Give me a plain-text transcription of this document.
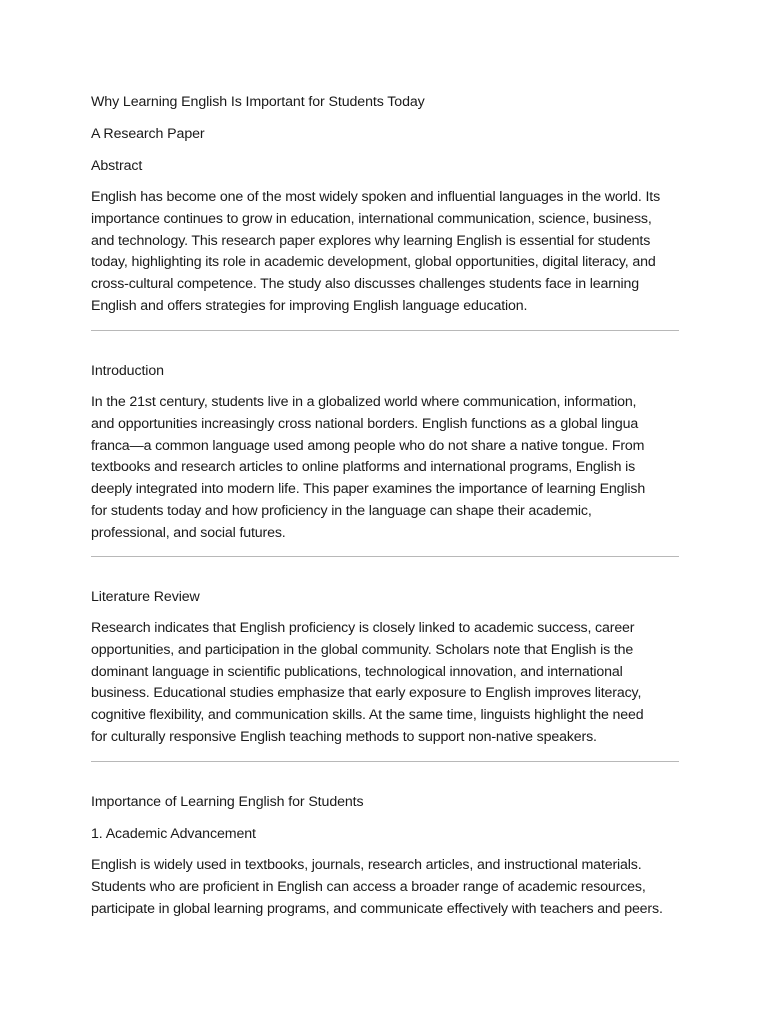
Why Learning English Is Important for Students Today

A Research Paper

Abstract

English has become one of the most widely spoken and influential languages in the world. Its

importance continues to grow in education, international communication, science, business,

and technology. This research paper explores why learning English is essential for students

today, highlighting its role in academic development, global opportunities, digital literacy, and

cross-cultural competence. The study also discusses challenges students face in learning

English and offers strategies for improving English language education.

Introduction

In the 21st century, students live in a globalized world where communication, information,

and opportunities increasingly cross national borders. English functions as a global lingua

franca—a common language used among people who do not share a native tongue. From

textbooks and research articles to online platforms and international programs, English is

deeply integrated into modern life. This paper examines the importance of learning English

for students today and how proficiency in the language can shape their academic,

professional, and social futures.

Literature Review

Research indicates that English proficiency is closely linked to academic success, career

opportunities, and participation in the global community. Scholars note that English is the

dominant language in scientific publications, technological innovation, and international

business. Educational studies emphasize that early exposure to English improves literacy,

cognitive flexibility, and communication skills. At the same time, linguists highlight the need

for culturally responsive English teaching methods to support non-native speakers.

Importance of Learning English for Students

1. Academic Advancement

English is widely used in textbooks, journals, research articles, and instructional materials.

Students who are proficient in English can access a broader range of academic resources,

participate in global learning programs, and communicate effectively with teachers and peers.
